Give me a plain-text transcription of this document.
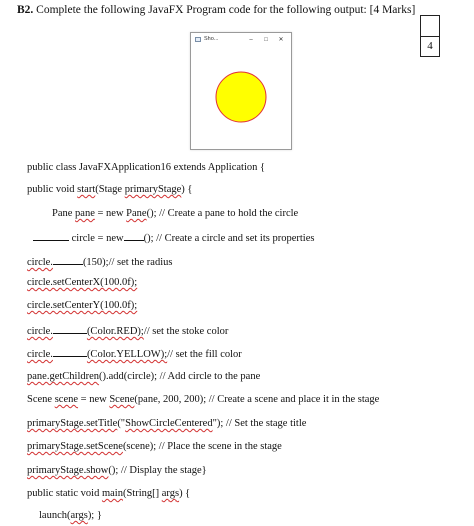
B2. Complete the following JavaFX Program code for the following output: [4 Marks]
4
Sho...	–	□	✕
public class JavaFXApplication16 extends Application {
public void start(Stage primaryStage) {
Pane pane = new Pane(); // Create a pane to hold the circle
circle = new (); // Create a circle and set its properties
circle.	(150);// set the radius
circle.setCenterX(100.0f);
circle.setCenterY(100.0f);
circle.	(Color.RED);// set the stoke color
circle.	(Color.YELLOW);// set the fill color
pane.getChildren().add(circle); // Add circle to the pane
Scene scene = new Scene(pane, 200, 200); // Create a scene and place it in the stage
primaryStage.setTitle("ShowCircleCentered"); // Set the stage title
primaryStage.setScene(scene); // Place the scene in the stage
primaryStage.show(); // Display the stage}
public static void main(String[] args) {
launch(args); }
